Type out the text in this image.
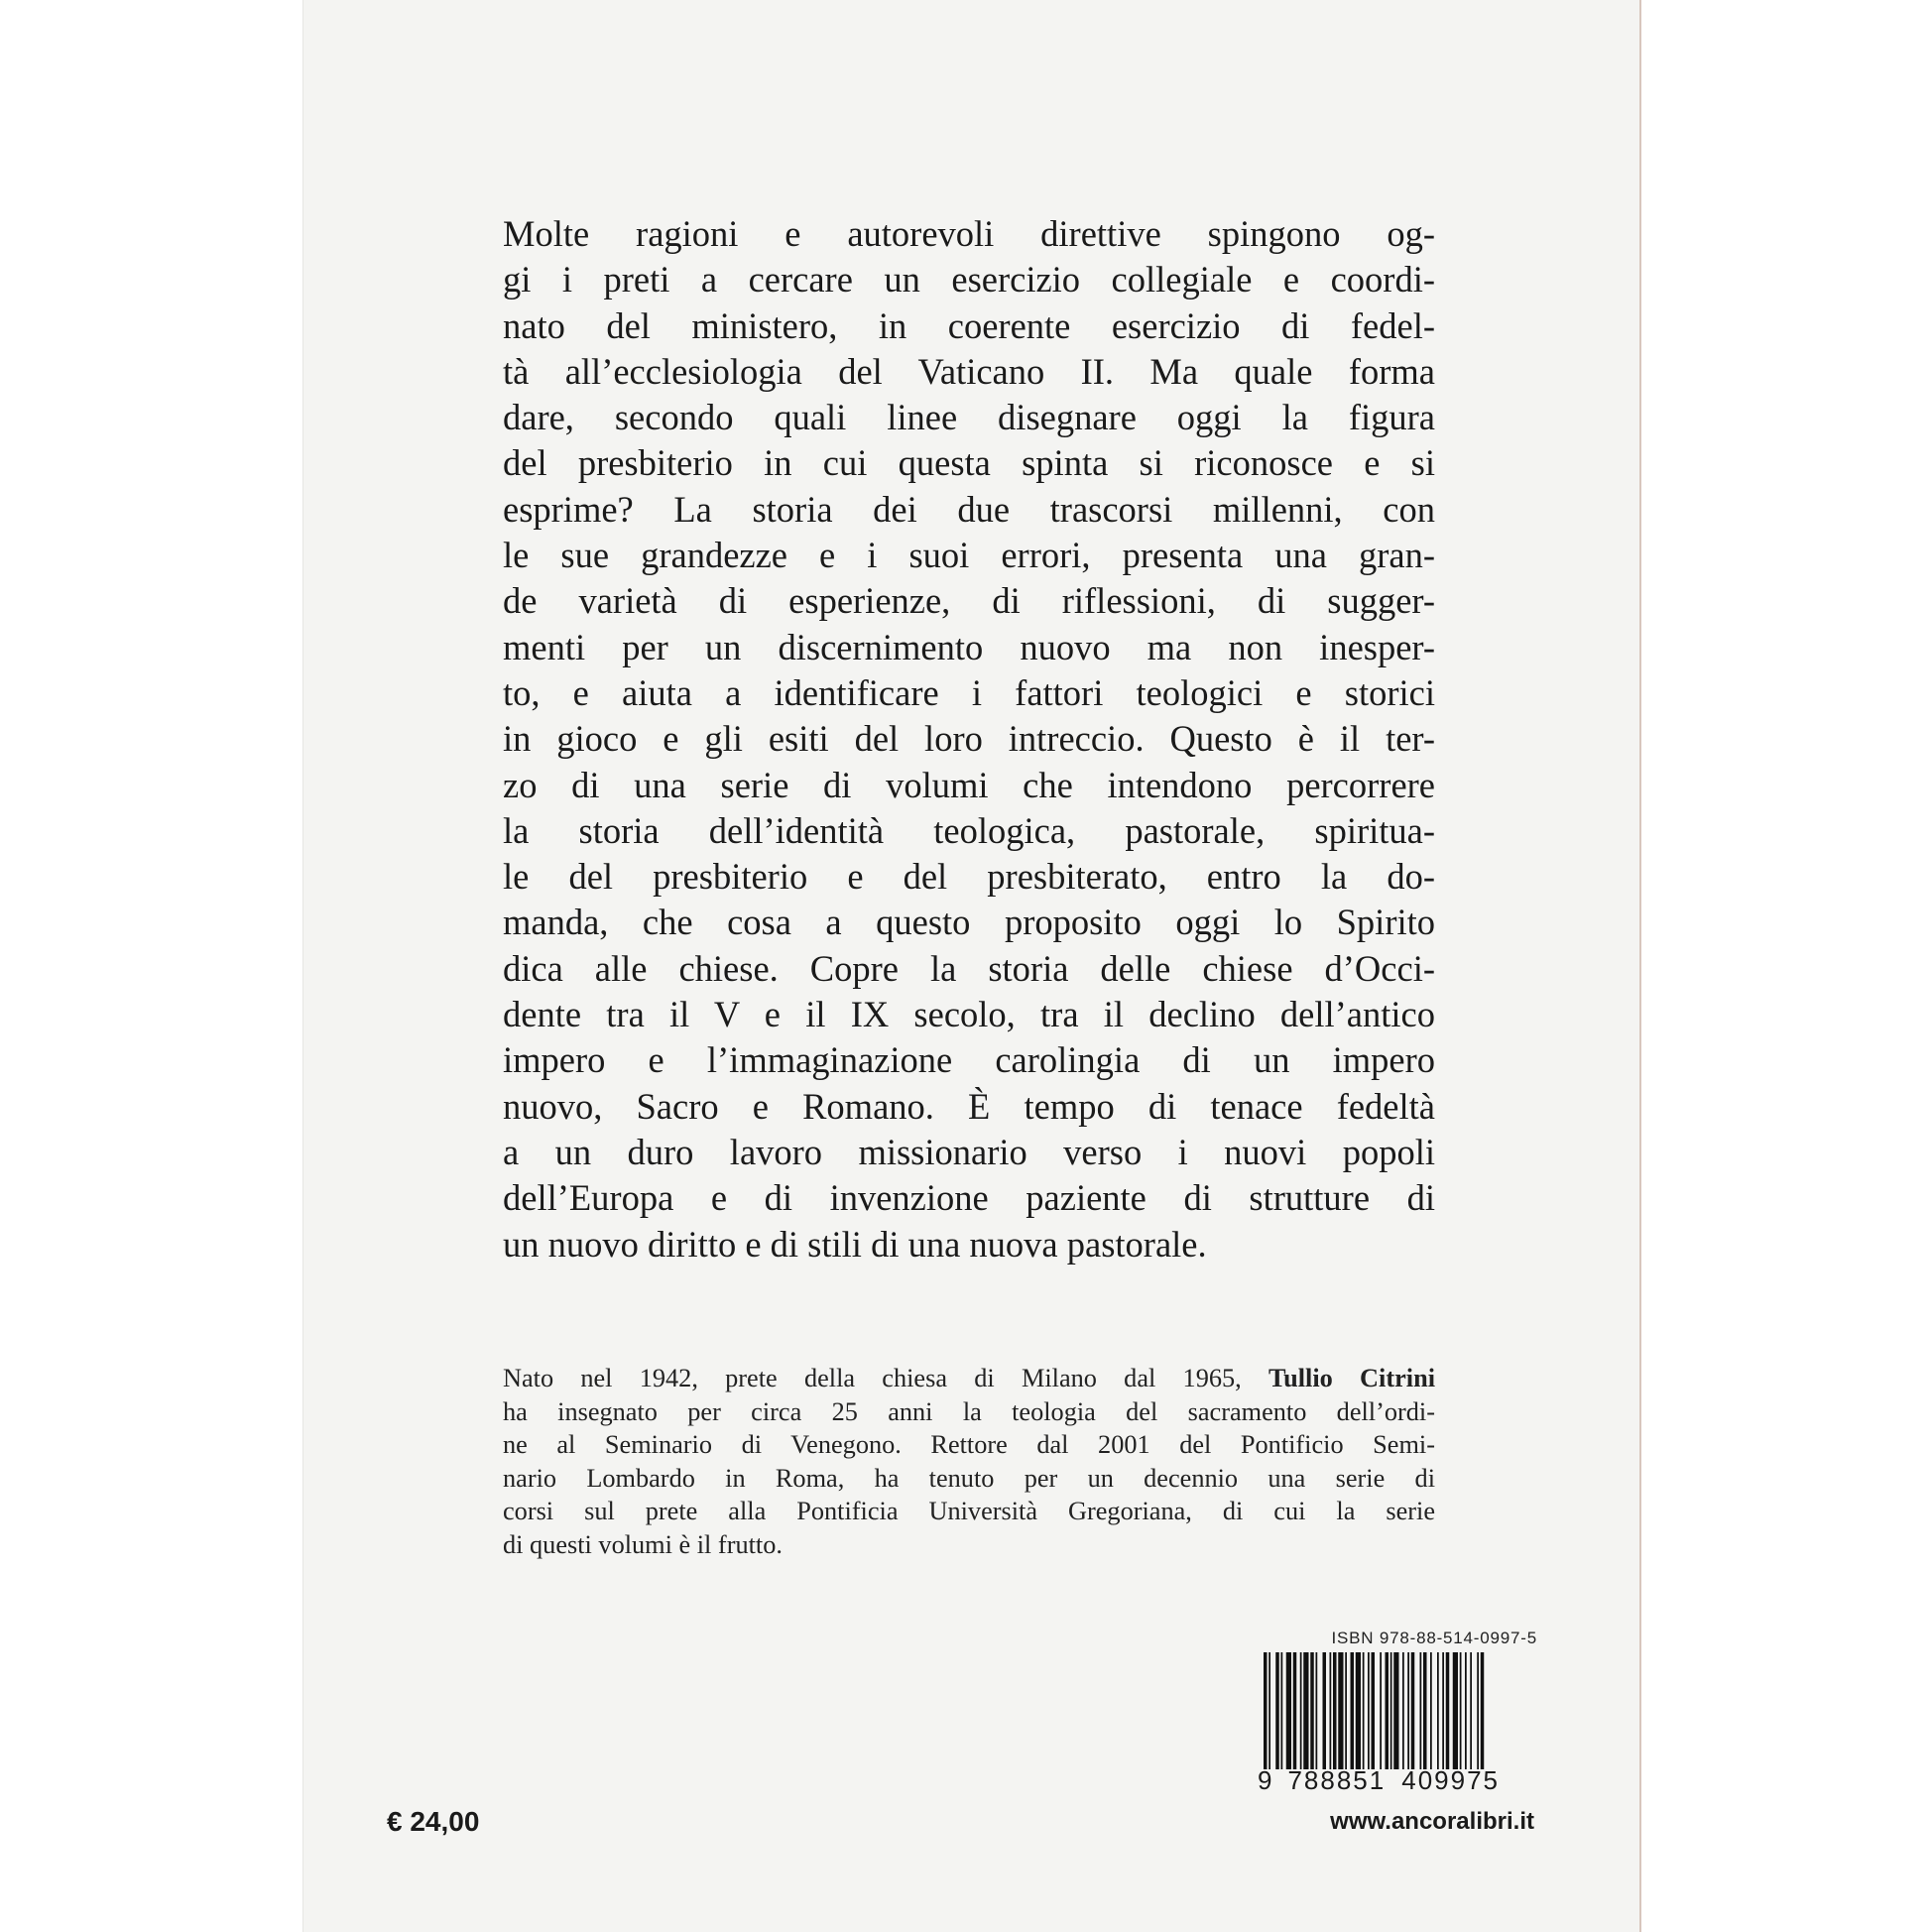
Molte ragioni e autorevoli direttive spingono og-
gi i preti a cercare un esercizio collegiale e coordi-
nato del ministero, in coerente esercizio di fedel-
tà all’ecclesiologia del Vaticano II. Ma quale forma
dare, secondo quali linee disegnare oggi la figura
del presbiterio in cui questa spinta si riconosce e si
esprime? La storia dei due trascorsi millenni, con
le sue grandezze e i suoi errori, presenta una gran-
de varietà di esperienze, di riflessioni, di sugger-
menti per un discernimento nuovo ma non inesper-
to, e aiuta a identificare i fattori teologici e storici
in gioco e gli esiti del loro intreccio. Questo è il ter-
zo di una serie di volumi che intendono percorrere
la storia dell’identità teologica, pastorale, spiritua-
le del presbiterio e del presbiterato, entro la do-
manda, che cosa a questo proposito oggi lo Spirito
dica alle chiese. Copre la storia delle chiese d’Occi-
dente tra il V e il IX secolo, tra il declino dell’antico
impero e l’immaginazione carolingia di un impero
nuovo, Sacro e Romano. È tempo di tenace fedeltà
a un duro lavoro missionario verso i nuovi popoli
dell’Europa e di invenzione paziente di strutture di
un nuovo diritto e di stili di una nuova pastorale.
Nato nel 1942, prete della chiesa di Milano dal 1965, Tullio Citrini
ha insegnato per circa 25 anni la teologia del sacramento dell’ordi-
ne al Seminario di Venegono. Rettore dal 2001 del Pontificio Semi-
nario Lombardo in Roma, ha tenuto per un decennio una serie di
corsi sul prete alla Pontificia Università Gregoriana, di cui la serie
di questi volumi è il frutto.
ISBN 978-88-514-0997-5
9 788851 409975
€ 24,00	www.ancoralibri.it
